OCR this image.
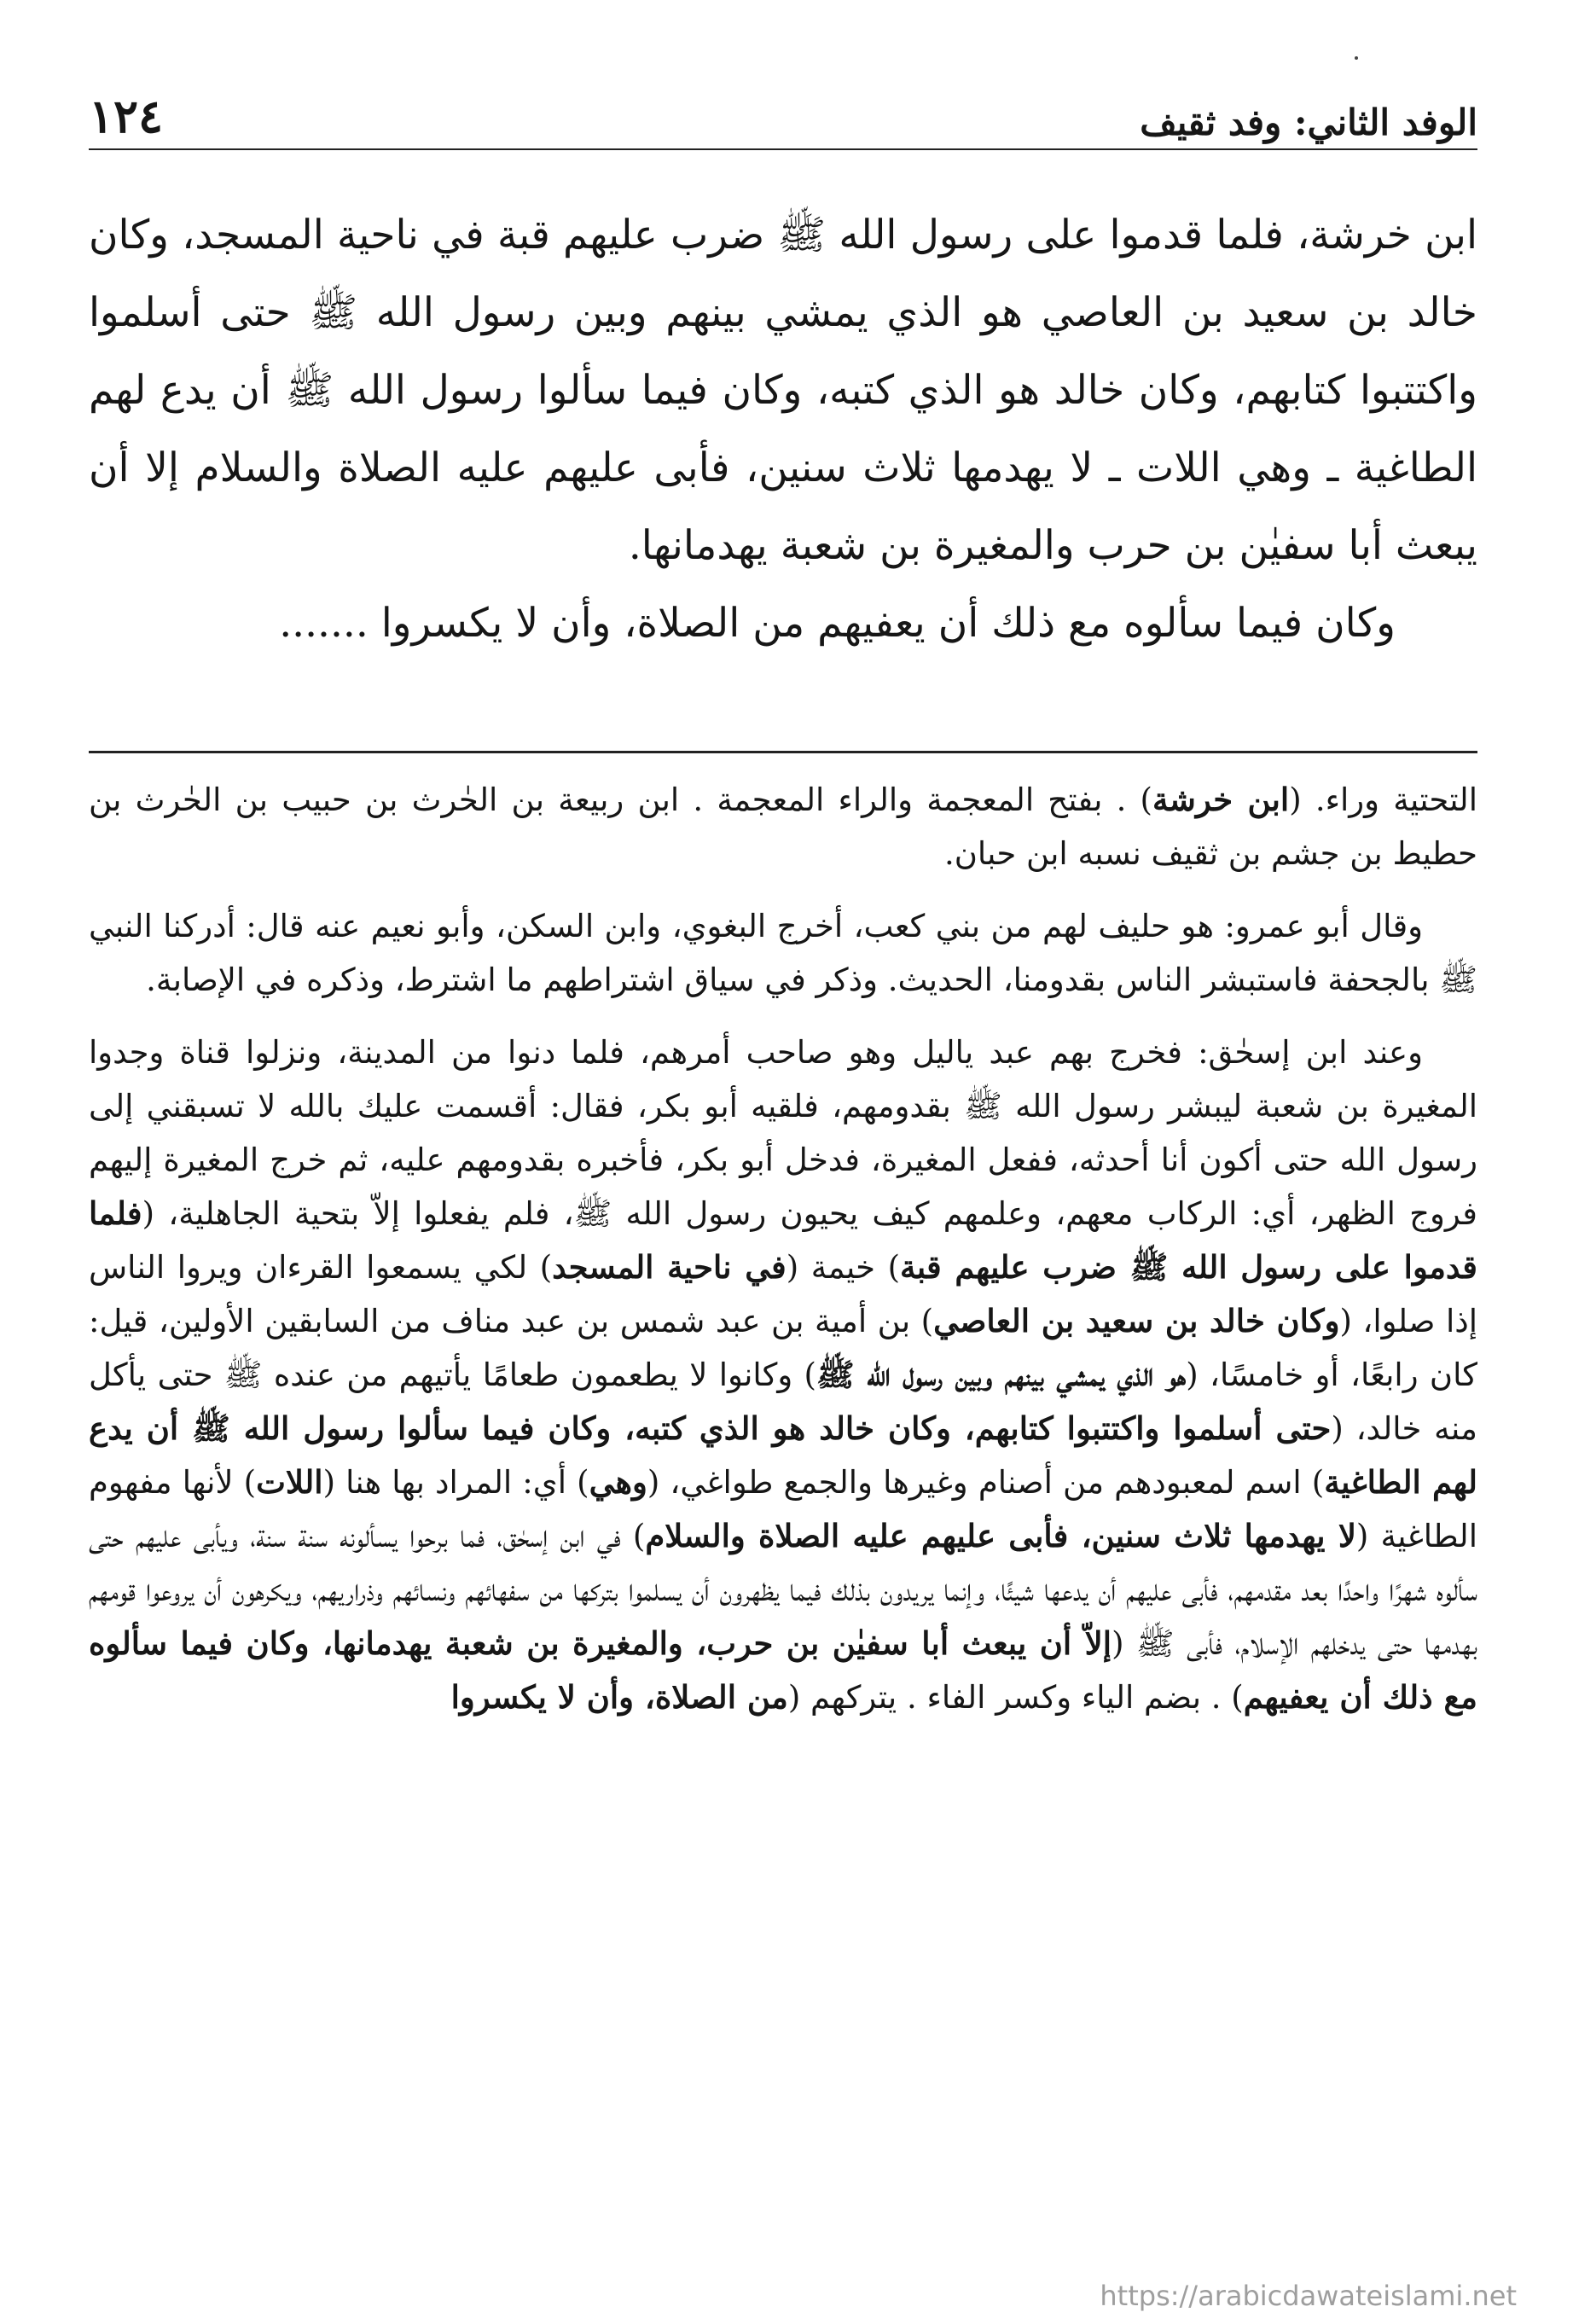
الوفد الثاني: وفد ثقيف
١٢٤

ابن خرشة، فلما قدموا على رسول الله ﷺ ضرب عليهم قبة في ناحية المسجد، وكان خالد بن سعيد بن العاصي هو الذي يمشي بينهم وبين رسول الله ﷺ حتى أسلموا واكتتبوا كتابهم، وكان خالد هو الذي كتبه، وكان فيما سألوا رسول الله ﷺ أن يدع لهم الطاغية ـ وهي اللات ـ لا يهدمها ثلاث سنين، فأبى عليهم عليه الصلاة والسلام إلا أن يبعث أبا سفيٰن بن حرب والمغيرة بن شعبة يهدمانها.

وكان فيما سألوه مع ذلك أن يعفيهم من الصلاة، وأن لا يكسروا .......

التحتية وراء. (ابن خرشة) . بفتح المعجمة والراء المعجمة . ابن ربيعة بن الحٰرث بن حبيب بن الحٰرث بن حطيط بن جشم بن ثقيف نسبه ابن حبان.

وقال أبو عمرو: هو حليف لهم من بني كعب، أخرج البغوي، وابن السكن، وأبو نعيم عنه قال: أدركنا النبي ﷺ بالجحفة فاستبشر الناس بقدومنا، الحديث. وذكر في سياق اشتراطهم ما اشترط، وذكره في الإصابة.

وعند ابن إسحٰق: فخرج بهم عبد ياليل وهو صاحب أمرهم، فلما دنوا من المدينة، ونزلوا قناة وجدوا المغيرة بن شعبة ليبشر رسول الله ﷺ بقدومهم، فلقيه أبو بكر، فقال: أقسمت عليك بالله لا تسبقني إلى رسول الله حتى أكون أنا أحدثه، ففعل المغيرة، فدخل أبو بكر، فأخبره بقدومهم عليه، ثم خرج المغيرة إليهم فروج الظهر، أي: الركاب معهم، وعلمهم كيف يحيون رسول الله ﷺ، فلم يفعلوا إلاّ بتحية الجاهلية، (فلما قدموا على رسول الله ﷺ ضرب عليهم قبة) خيمة (في ناحية المسجد) لكي يسمعوا القرءان ويروا الناس إذا صلوا، (وكان خالد بن سعيد بن العاصي) بن أمية بن عبد شمس بن عبد مناف من السابقين الأولين، قيل: كان رابعًا، أو خامسًا، (هو الذي يمشي بينهم وبين رسول الله ﷺ) وكانوا لا يطعمون طعامًا يأتيهم من عنده ﷺ حتى يأكل منه خالد، (حتى أسلموا واكتتبوا كتابهم، وكان خالد هو الذي كتبه، وكان فيما سألوا رسول الله ﷺ أن يدع لهم الطاغية) اسم لمعبودهم من أصنام وغيرها والجمع طواغي، (وهي) أي: المراد بها هنا (اللات) لأنها مفهوم الطاغية (لا يهدمها ثلاث سنين، فأبى عليهم عليه الصلاة والسلام) في ابن إسحٰق، فما برحوا يسألونه سنة سنة، ويأبى عليهم حتى سألوه شهرًا واحدًا بعد مقدمهم، فأبى عليهم أن يدعها شيئًا، وإنما يريدون بذلك فيما يظهرون أن يسلموا بتركها من سفهائهم ونسائهم وذراريهم، ويكرهون أن يروعوا قومهم بهدمها حتى يدخلهم الإسلام، فأبى ﷺ (إلاّ أن يبعث أبا سفيٰن بن حرب، والمغيرة بن شعبة يهدمانها، وكان فيما سألوه مع ذلك أن يعفيهم) . بضم الياء وكسر الفاء . يتركهم (من الصلاة، وأن لا يكسروا

https://arabicdawateislami.net
